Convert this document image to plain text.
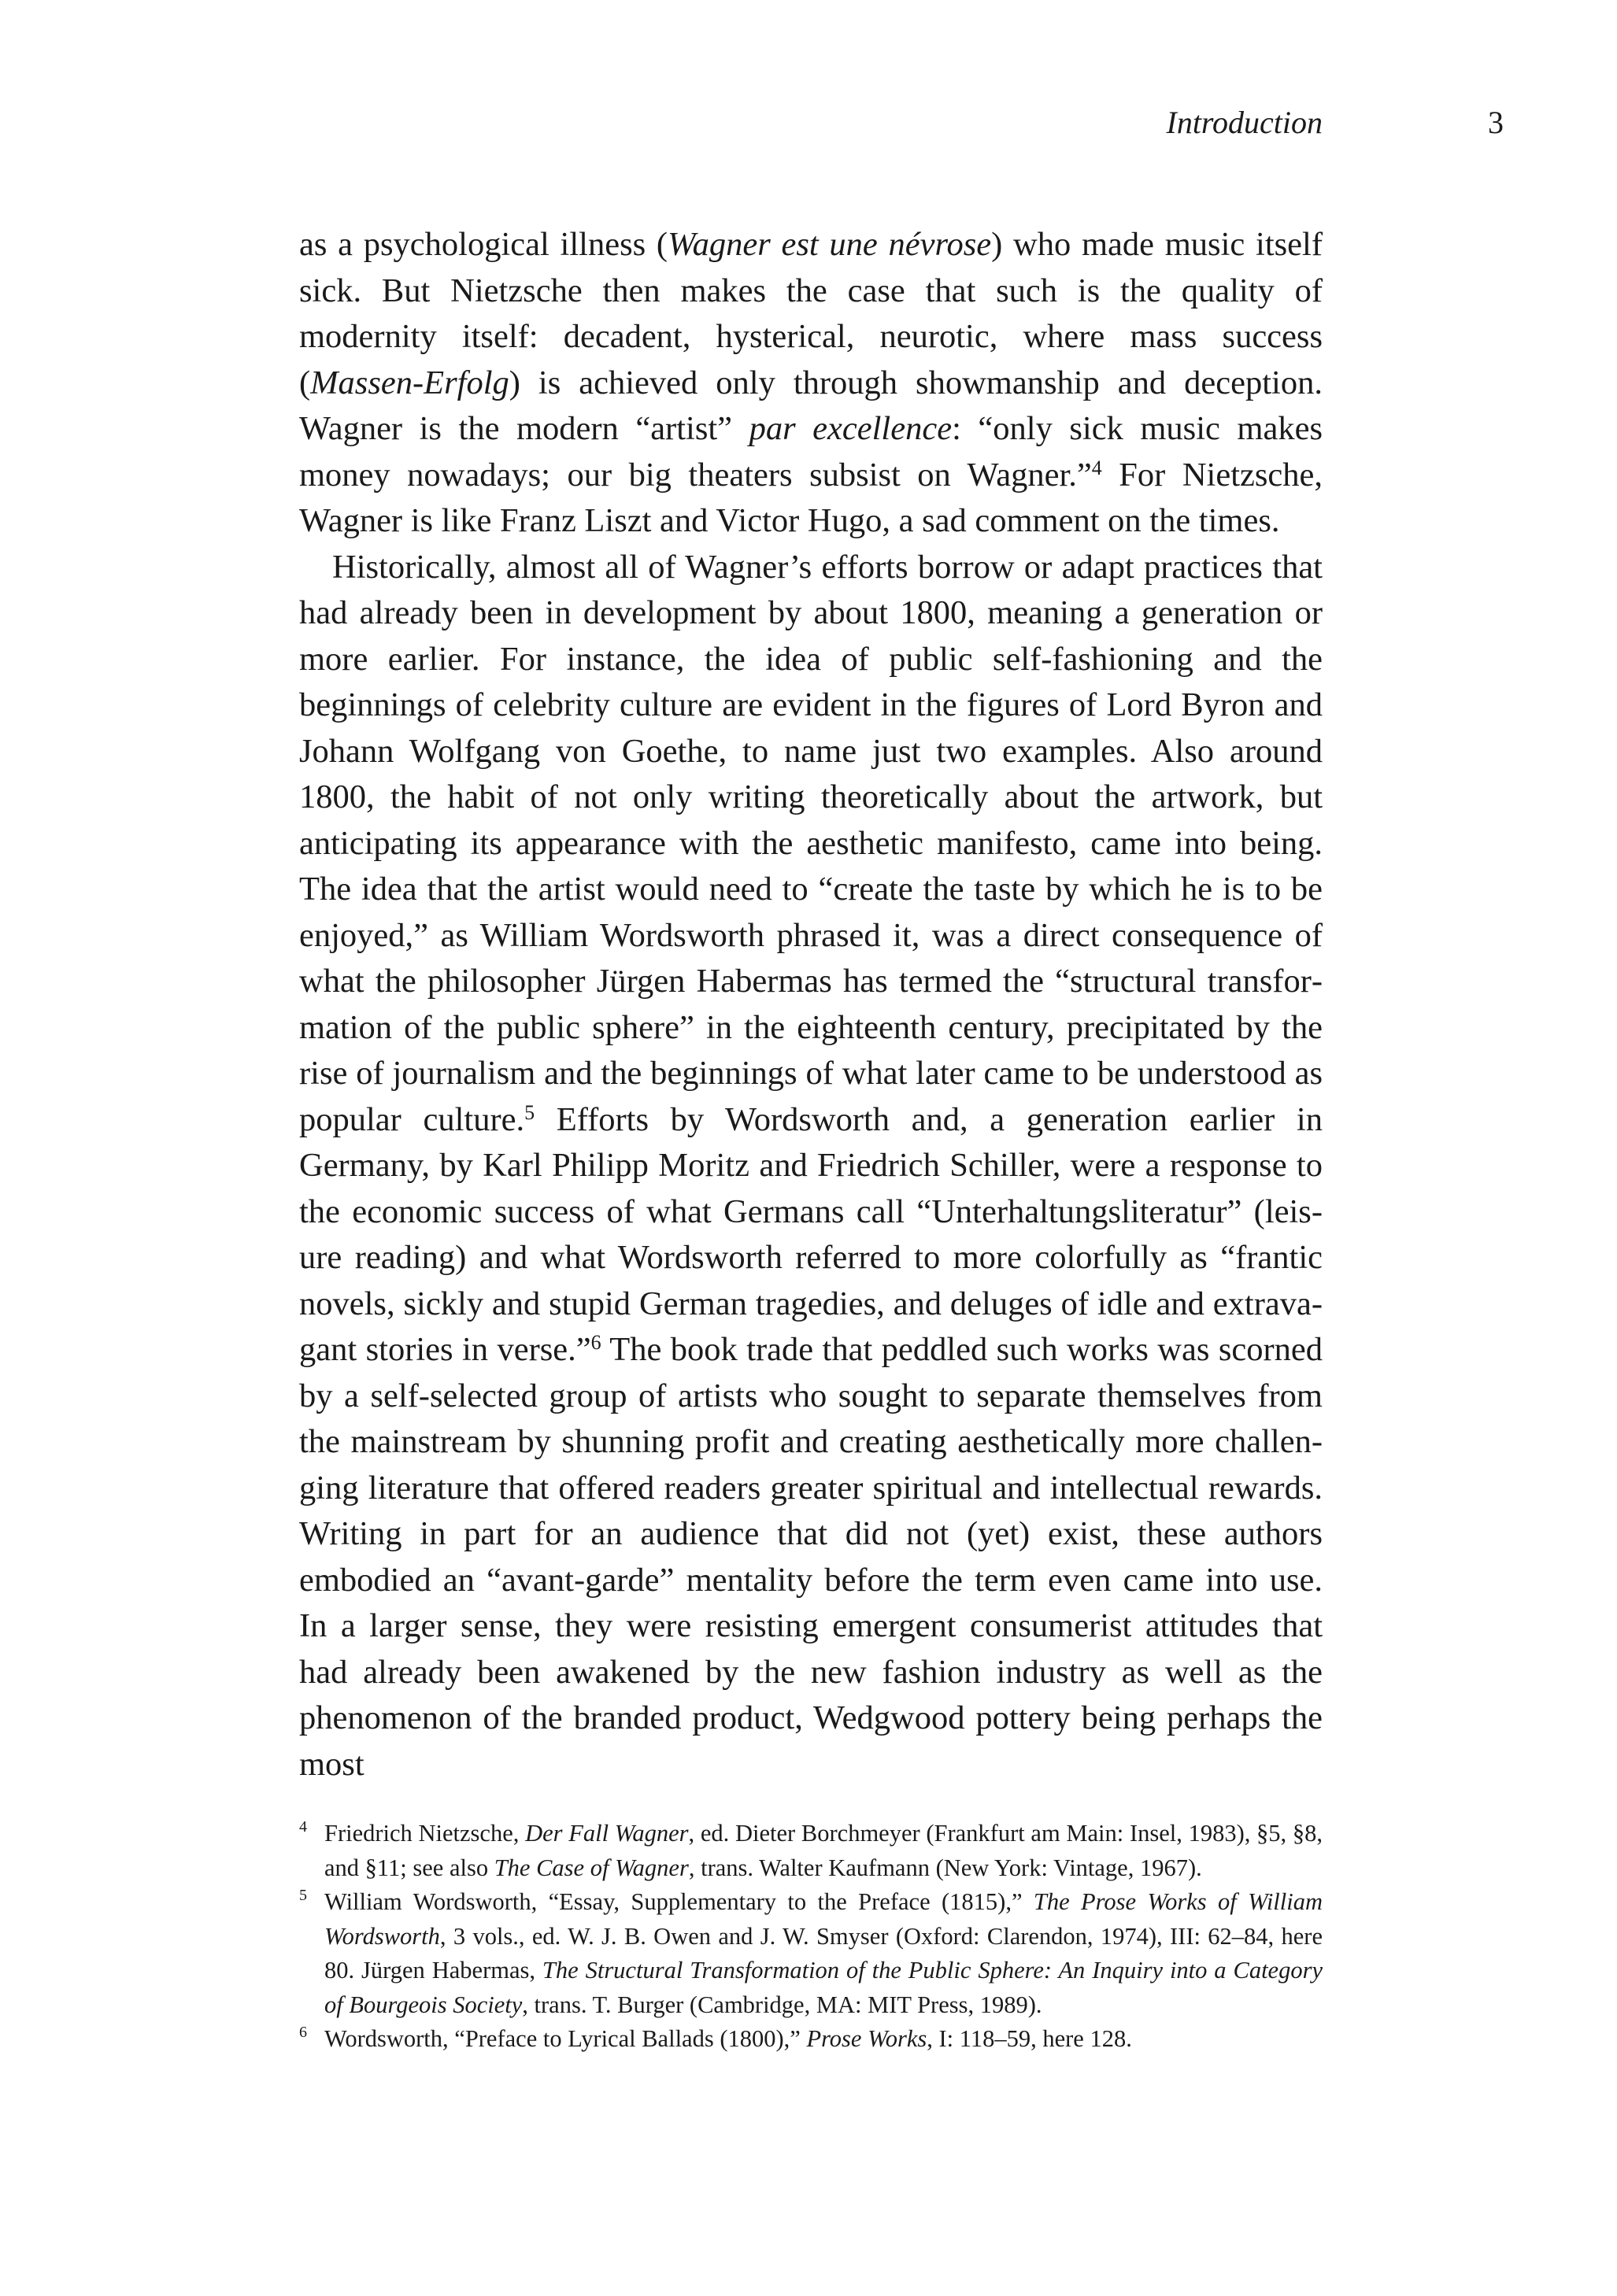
Introduction	3

as a psychological illness (Wagner est une névrose) who made music itself sick. But Nietzsche then makes the case that such is the quality of modernity itself: decadent, hysterical, neurotic, where mass success (Massen-Erfolg) is achieved only through showmanship and deception. Wagner is the modern “artist” par excellence: “only sick music makes money nowadays; our big theaters subsist on Wagner.”$^4$ For Nietzsche, Wagner is like Franz Liszt and Victor Hugo, a sad comment on the times.

Historically, almost all of Wagner’s efforts borrow or adapt practices that had already been in development by about 1800, meaning a generation or more earlier. For instance, the idea of public self-fashioning and the beginnings of celebrity culture are evident in the figures of Lord Byron and Johann Wolfgang von Goethe, to name just two examples. Also around 1800, the habit of not only writing theoretically about the artwork, but anticipating its appearance with the aesthetic manifesto, came into being. The idea that the artist would need to “create the taste by which he is to be enjoyed,” as William Wordsworth phrased it, was a direct consequence of what the philosopher Jürgen Habermas has termed the “structural transformation of the public sphere” in the eighteenth century, precipitated by the rise of journalism and the beginnings of what later came to be understood as popular culture.$^5$ Efforts by Wordsworth and, a generation earlier in Germany, by Karl Philipp Moritz and Friedrich Schiller, were a response to the economic success of what Germans call “Unterhaltungsliteratur” (leisure reading) and what Wordsworth referred to more colorfully as “frantic novels, sickly and stupid German tragedies, and deluges of idle and extravagant stories in verse.”$^6$ The book trade that peddled such works was scorned by a self-selected group of artists who sought to separate themselves from the mainstream by shunning profit and creating aesthetically more challenging literature that offered readers greater spiritual and intellectual rewards. Writing in part for an audience that did not (yet) exist, these authors embodied an “avant-garde” mentality before the term even came into use. In a larger sense, they were resisting emergent consumerist attitudes that had already been awakened by the new fashion industry as well as the phenomenon of the branded product, Wedgwood pottery being perhaps the most

4 Friedrich Nietzsche, Der Fall Wagner, ed. Dieter Borchmeyer (Frankfurt am Main: Insel, 1983), §5, §8, and §11; see also The Case of Wagner, trans. Walter Kaufmann (New York: Vintage, 1967).

5 William Wordsworth, “Essay, Supplementary to the Preface (1815),” The Prose Works of William Wordsworth, 3 vols., ed. W. J. B. Owen and J. W. Smyser (Oxford: Clarendon, 1974), III: 62–84, here 80. Jürgen Habermas, The Structural Transformation of the Public Sphere: An Inquiry into a Category of Bourgeois Society, trans. T. Burger (Cambridge, MA: MIT Press, 1989).

6 Wordsworth, “Preface to Lyrical Ballads (1800),” Prose Works, I: 118–59, here 128.
